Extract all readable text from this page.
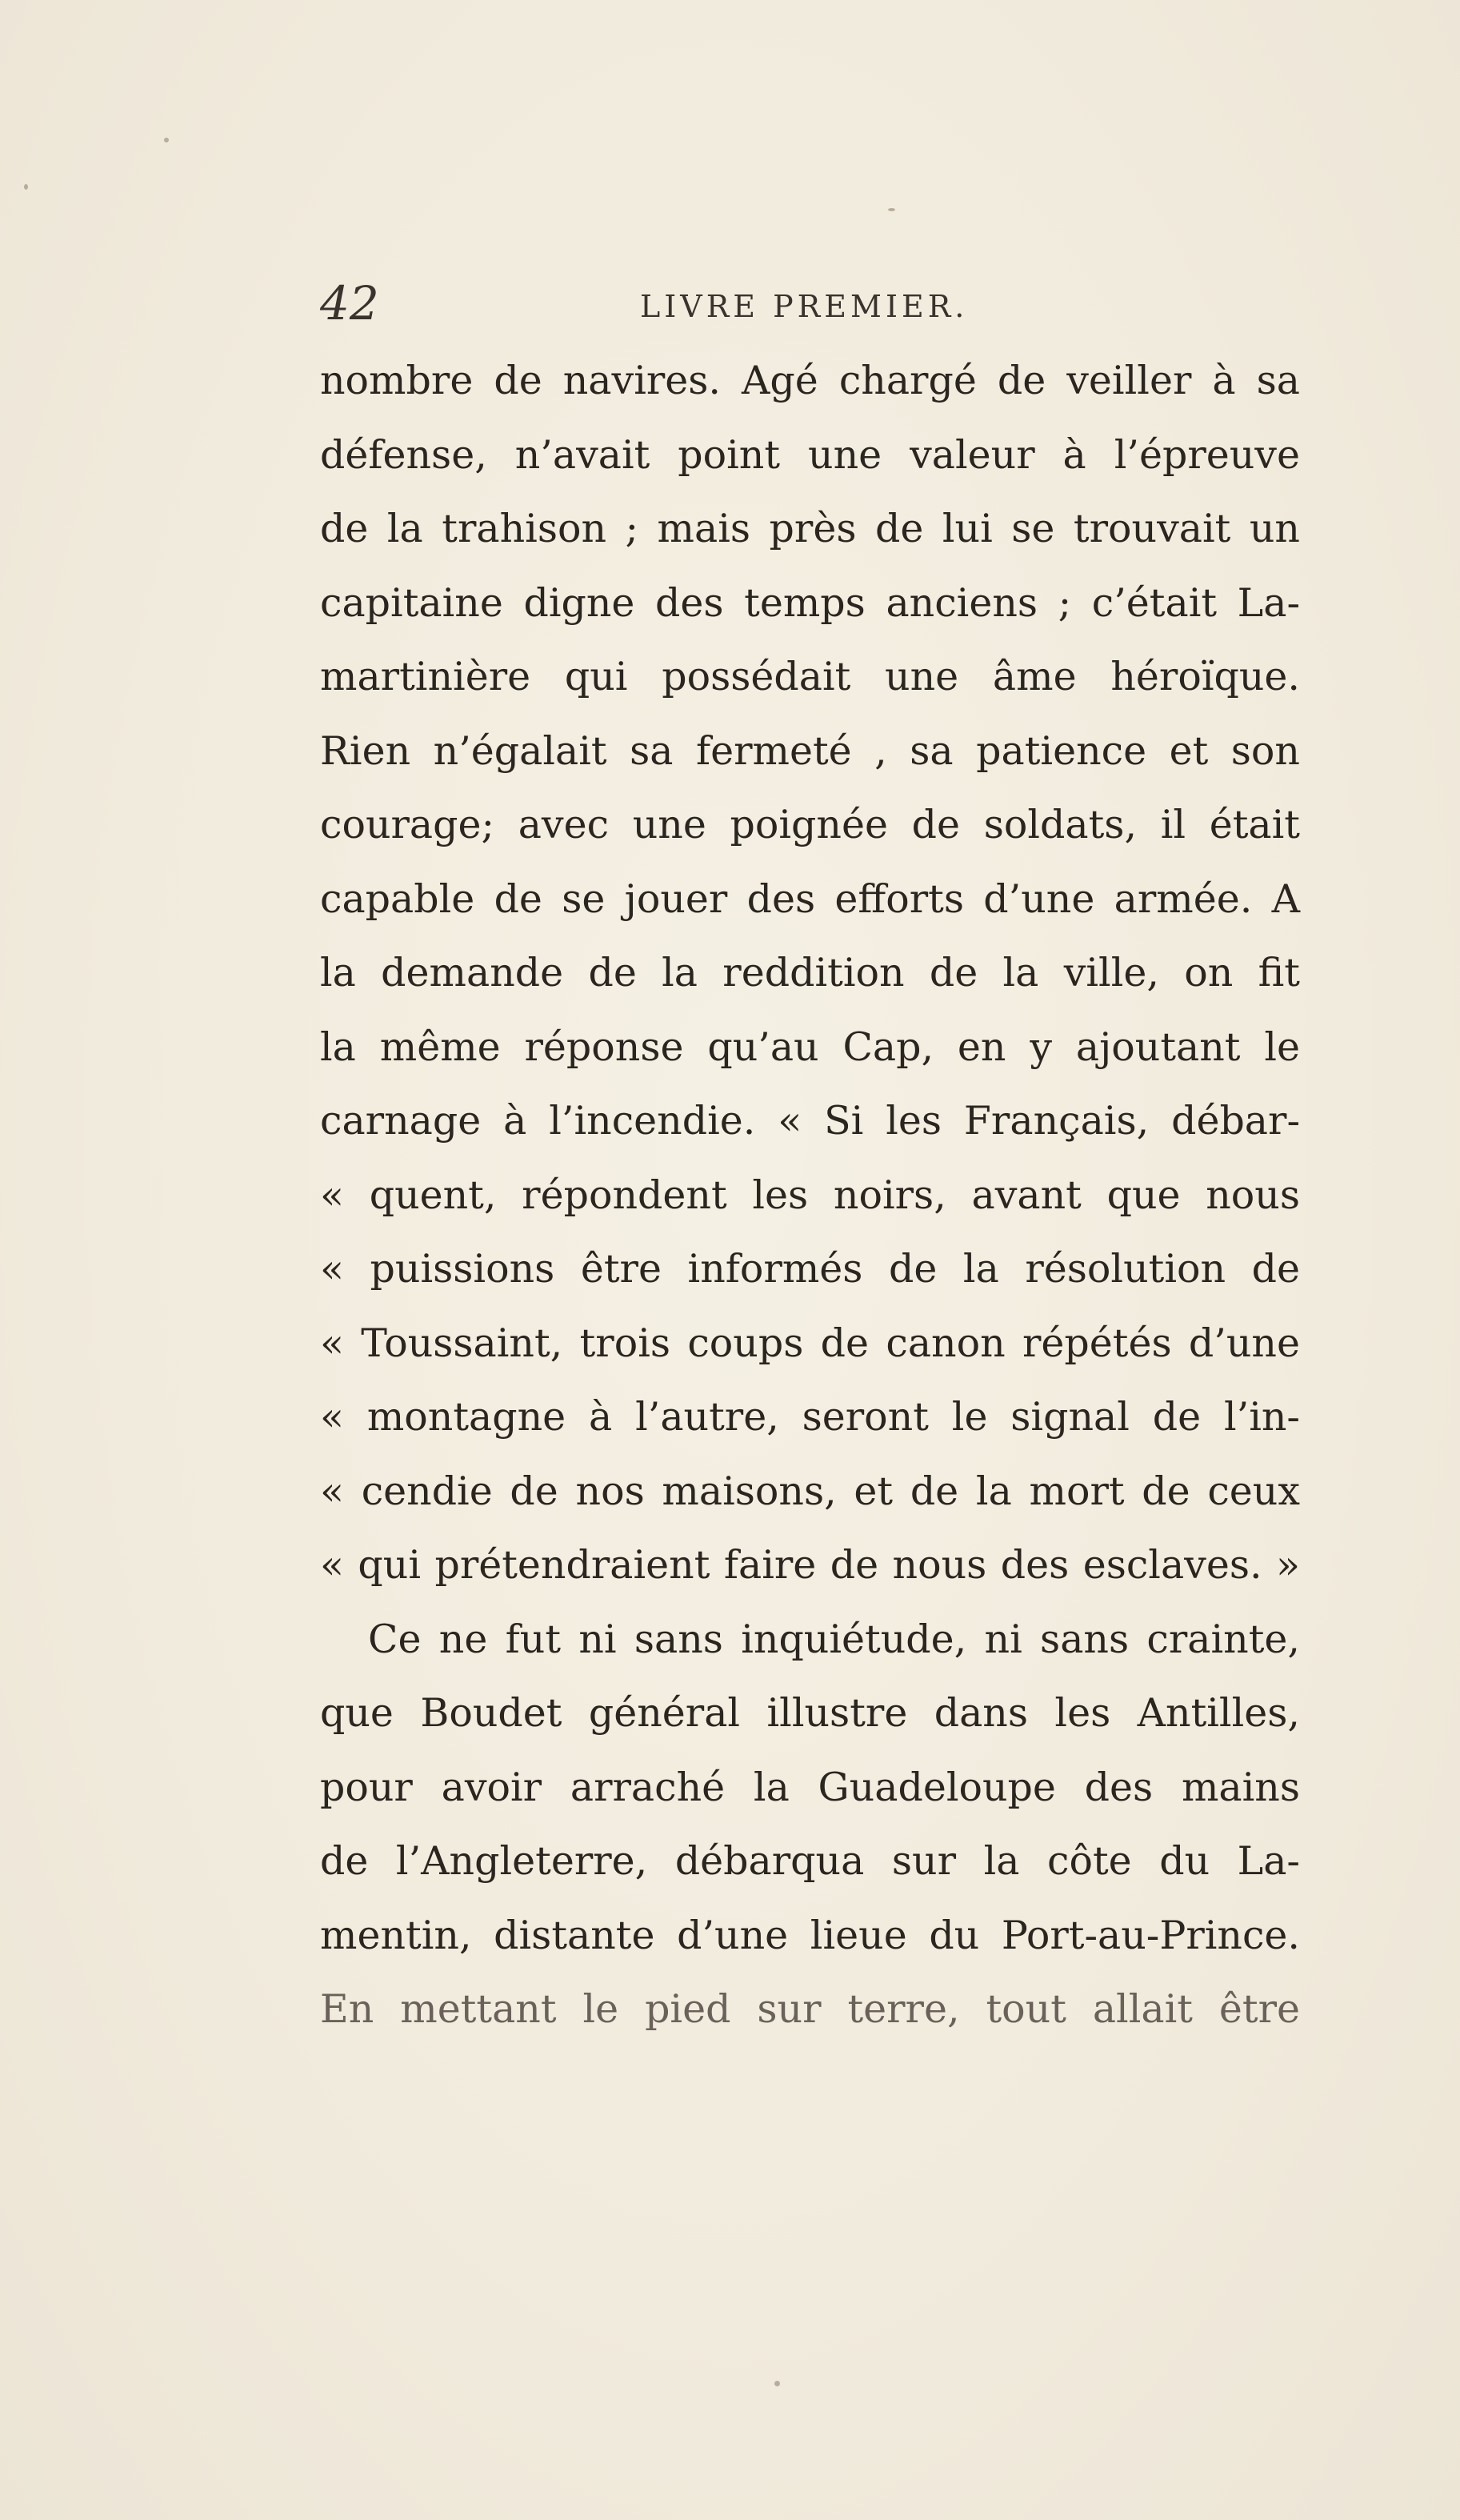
42	LIVRE PREMIER.
nombre de navires. Agé chargé de veiller à sa
défense, n’avait point une valeur à l’épreuve
de la trahison ; mais près de lui se trouvait un
capitaine digne des temps anciens ; c’était La-
martinière qui possédait une âme héroïque.
Rien n’égalait sa fermeté , sa patience et son
courage; avec une poignée de soldats, il était
capable de se jouer des efforts d’une armée. A
la demande de la reddition de la ville, on fit
la même réponse qu’au Cap, en y ajoutant le
carnage à l’incendie. « Si les Français, débar-
« quent, répondent les noirs, avant que nous
« puissions être informés de la résolution de
« Toussaint, trois coups de canon répétés d’une
« montagne à l’autre, seront le signal de l’in-
« cendie de nos maisons, et de la mort de ceux
« qui prétendraient faire de nous des esclaves. »
Ce ne fut ni sans inquiétude, ni sans crainte,
que Boudet général illustre dans les Antilles,
pour avoir arraché la Guadeloupe des mains
de l’Angleterre, débarqua sur la côte du La-
mentin, distante d’une lieue du Port-au-Prince.
En mettant le pied sur terre, tout allait être
